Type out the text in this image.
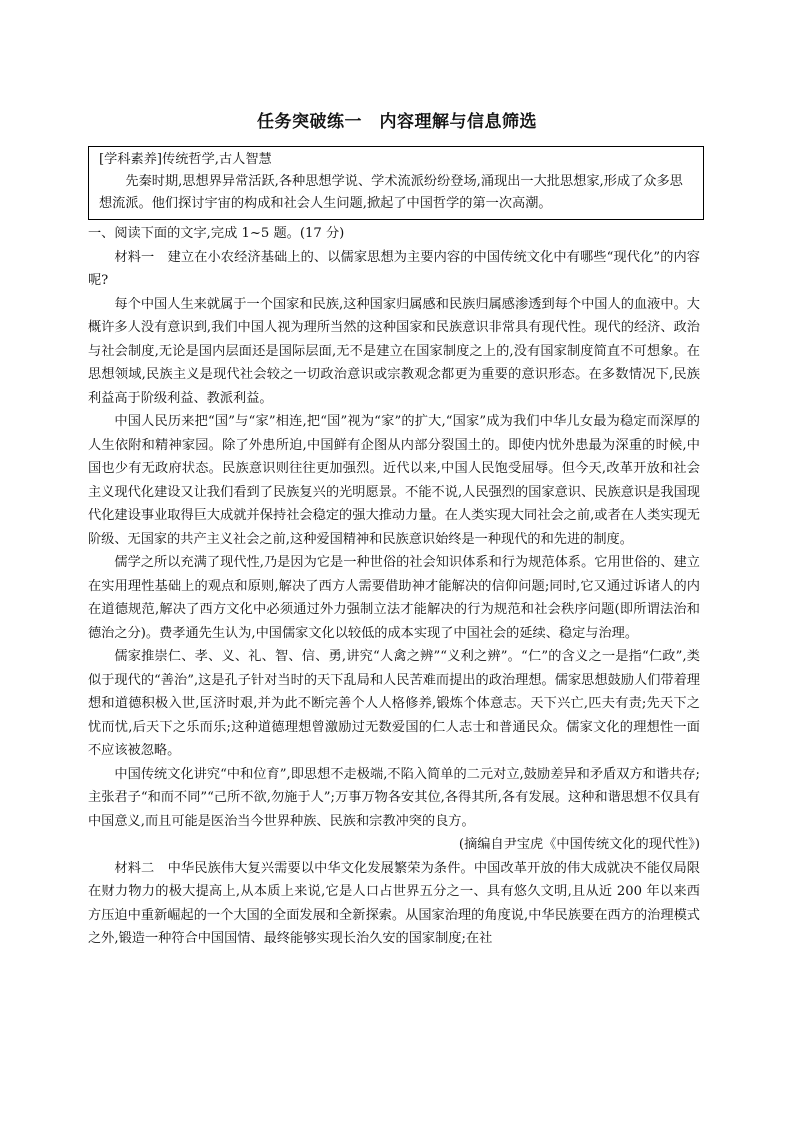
任务突破练一　内容理解与信息筛选

[学科素养]传统哲学,古人智慧

先秦时期,思想界异常活跃,各种思想学说、学术流派纷纷登场,涌现出一大批思想家,形成了众多思想流派。他们探讨宇宙的构成和社会人生问题,掀起了中国哲学的第一次高潮。

一、阅读下面的文字,完成 1~5 题。(17 分)

材料一　建立在小农经济基础上的、以儒家思想为主要内容的中国传统文化中有哪些“现代化”的内容呢?

每个中国人生来就属于一个国家和民族,这种国家归属感和民族归属感渗透到每个中国人的血液中。大概许多人没有意识到,我们中国人视为理所当然的这种国家和民族意识非常具有现代性。现代的经济、政治与社会制度,无论是国内层面还是国际层面,无不是建立在国家制度之上的,没有国家制度简直不可想象。在思想领域,民族主义是现代社会较之一切政治意识或宗教观念都更为重要的意识形态。在多数情况下,民族利益高于阶级利益、教派利益。

中国人民历来把“国”与“家”相连,把“国”视为“家”的扩大,“国家”成为我们中华儿女最为稳定而深厚的人生依附和精神家园。除了外患所迫,中国鲜有企图从内部分裂国土的。即使内忧外患最为深重的时候,中国也少有无政府状态。民族意识则往往更加强烈。近代以来,中国人民饱受屈辱。但今天,改革开放和社会主义现代化建设又让我们看到了民族复兴的光明愿景。不能不说,人民强烈的国家意识、民族意识是我国现代化建设事业取得巨大成就并保持社会稳定的强大推动力量。在人类实现大同社会之前,或者在人类实现无阶级、无国家的共产主义社会之前,这种爱国精神和民族意识始终是一种现代的和先进的制度。

儒学之所以充满了现代性,乃是因为它是一种世俗的社会知识体系和行为规范体系。它用世俗的、建立在实用理性基础上的观点和原则,解决了西方人需要借助神才能解决的信仰问题;同时,它又通过诉诸人的内在道德规范,解决了西方文化中必须通过外力强制立法才能解决的行为规范和社会秩序问题(即所谓法治和德治之分)。费孝通先生认为,中国儒家文化以较低的成本实现了中国社会的延续、稳定与治理。

儒家推崇仁、孝、义、礼、智、信、勇,讲究“人禽之辨”“义利之辨”。“仁”的含义之一是指“仁政”,类似于现代的“善治”,这是孔子针对当时的天下乱局和人民苦难而提出的政治理想。儒家思想鼓励人们带着理想和道德积极入世,匡济时艰,并为此不断完善个人人格修养,锻炼个体意志。天下兴亡,匹夫有责;先天下之忧而忧,后天下之乐而乐;这种道德理想曾激励过无数爱国的仁人志士和普通民众。儒家文化的理想性一面不应该被忽略。

中国传统文化讲究“中和位育”,即思想不走极端,不陷入简单的二元对立,鼓励差异和矛盾双方和谐共存;主张君子“和而不同”“己所不欲,勿施于人”;万事万物各安其位,各得其所,各有发展。这种和谐思想不仅具有中国意义,而且可能是医治当今世界种族、民族和宗教冲突的良方。

(摘编自尹宝虎《中国传统文化的现代性》)

材料二　中华民族伟大复兴需要以中华文化发展繁荣为条件。中国改革开放的伟大成就决不能仅局限在财力物力的极大提高上,从本质上来说,它是人口占世界五分之一、具有悠久文明,且从近 200 年以来西方压迫中重新崛起的一个大国的全面发展和全新探索。从国家治理的角度说,中华民族要在西方的治理模式之外,锻造一种符合中国国情、最终能够实现长治久安的国家制度;在社
